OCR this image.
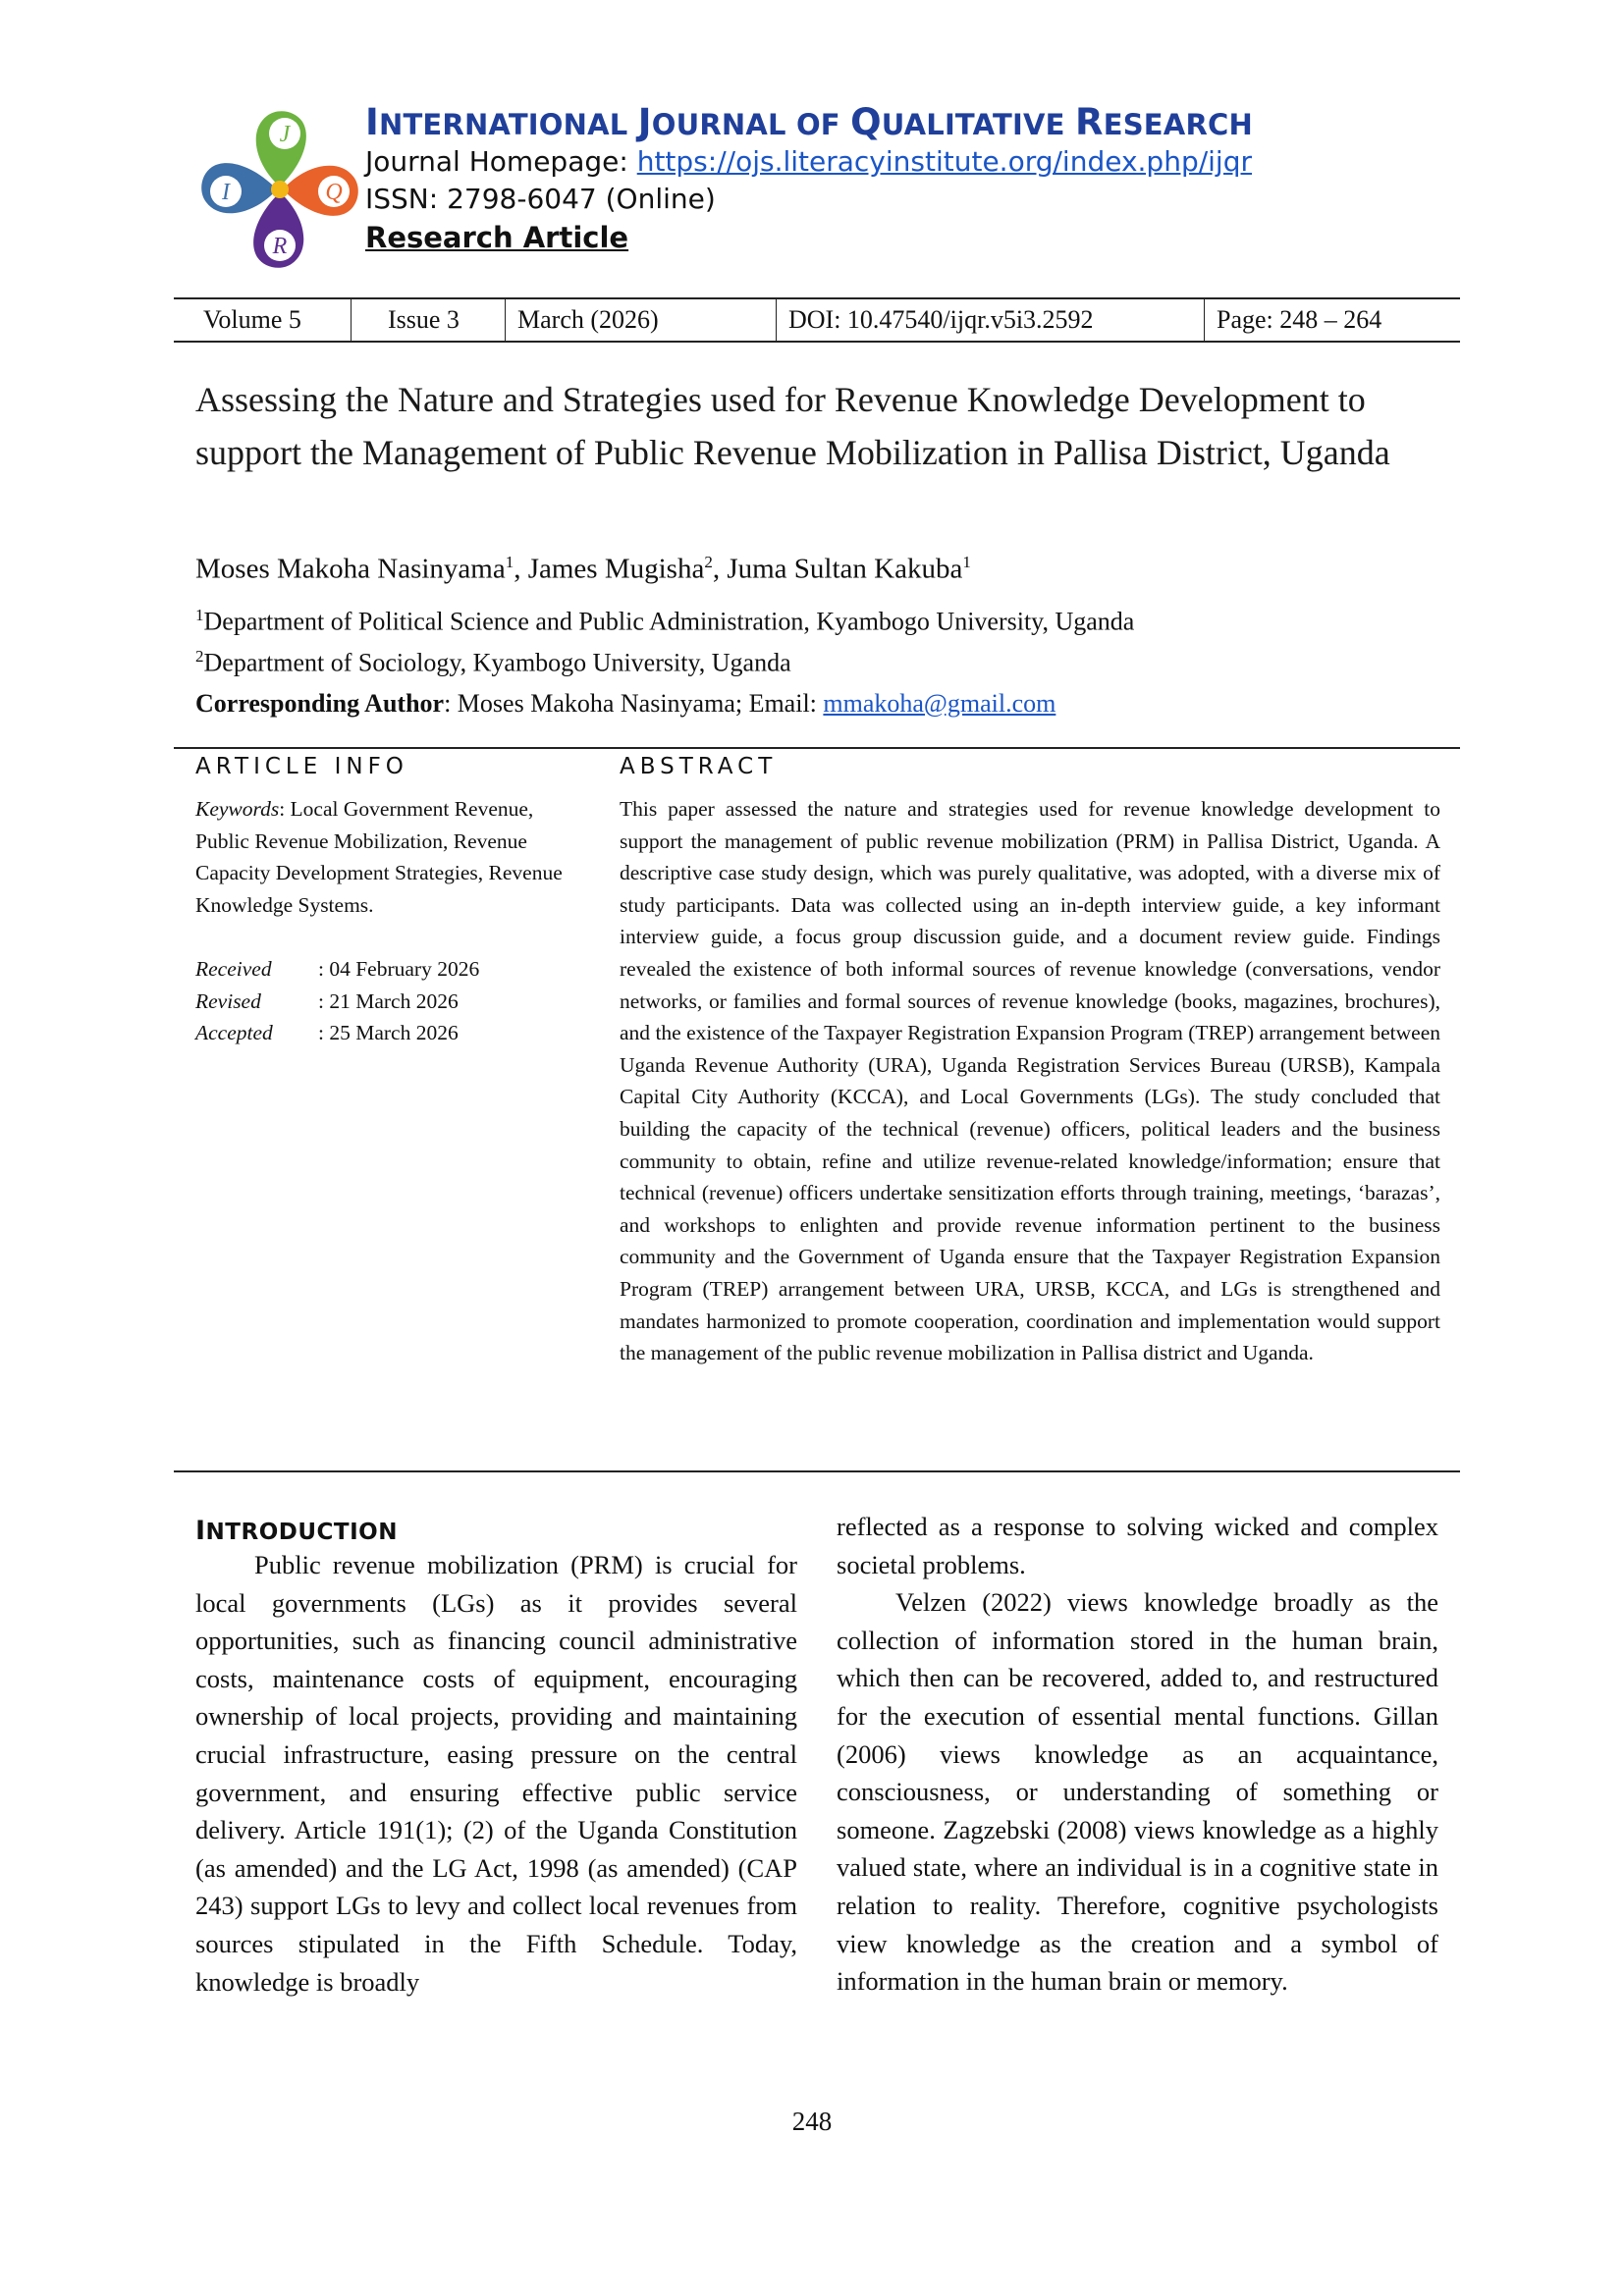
J
I	Q
R
INTERNATIONAL JOURNAL OF QUALITATIVE RESEARCH
Journal Homepage: https://ojs.literacyinstitute.org/index.php/ijqr
ISSN: 2798-6047 (Online)
Research Article
Volume 5	Issue 3	March (2026)	DOI: 10.47540/ijqr.v5i3.2592	Page: 248 – 264
Assessing the Nature and Strategies used for Revenue Knowledge Development to support the Management of Public Revenue Mobilization in Pallisa District, Uganda
Moses Makoha Nasinyama$^1$, James Mugisha$^2$, Juma Sultan Kakuba$^1$
$^1$Department of Political Science and Public Administration, Kyambogo University, Uganda
$^2$Department of Sociology, Kyambogo University, Uganda
Corresponding Author: Moses Makoha Nasinyama; Email: mmakoha@gmail.com
ARTICLE INFO	ABSTRACT
Keywords: Local Government Revenue, Public Revenue Mobilization, Revenue Capacity Development Strategies, Revenue Knowledge Systems.
Received	: 04 February 2026
Revised	: 21 March 2026
Accepted	: 25 March 2026
This paper assessed the nature and strategies used for revenue knowledge development to support the management of public revenue mobilization (PRM) in Pallisa District, Uganda. A descriptive case study design, which was purely qualitative, was adopted, with a diverse mix of study participants. Data was collected using an in-depth interview guide, a key informant interview guide, a focus group discussion guide, and a document review guide. Findings revealed the existence of both informal sources of revenue knowledge (conversations, vendor networks, or families and formal sources of revenue knowledge (books, magazines, brochures), and the existence of the Taxpayer Registration Expansion Program (TREP) arrangement between Uganda Revenue Authority (URA), Uganda Registration Services Bureau (URSB), Kampala Capital City Authority (KCCA), and Local Governments (LGs). The study concluded that building the capacity of the technical (revenue) officers, political leaders and the business community to obtain, refine and utilize revenue-related knowledge/information; ensure that technical (revenue) officers undertake sensitization efforts through training, meetings, ‘barazas’, and workshops to enlighten and provide revenue information pertinent to the business community and the Government of Uganda ensure that the Taxpayer Registration Expansion Program (TREP) arrangement between URA, URSB, KCCA, and LGs is strengthened and mandates harmonized to promote cooperation, coordination and implementation would support the management of the public revenue mobilization in Pallisa district and Uganda.
INTRODUCTION

Public revenue mobilization (PRM) is crucial for local governments (LGs) as it provides several opportunities, such as financing council administrative costs, maintenance costs of equipment, encouraging ownership of local projects, providing and maintaining crucial infrastructure, easing pressure on the central government, and ensuring effective public service delivery. Article 191(1); (2) of the Uganda Constitution (as amended) and the LG Act, 1998 (as amended) (CAP 243) support LGs to levy and collect local revenues from sources stipulated in the Fifth Schedule. Today, knowledge is broadly

reflected as a response to solving wicked and complex societal problems.

Velzen (2022) views knowledge broadly as the collection of information stored in the human brain, which then can be recovered, added to, and restructured for the execution of essential mental functions. Gillan (2006) views knowledge as an acquaintance, consciousness, or understanding of something or someone. Zagzebski (2008) views knowledge as a highly valued state, where an individual is in a cognitive state in relation to reality. Therefore, cognitive psychologists view knowledge as the creation and a symbol of information in the human brain or memory.

248
